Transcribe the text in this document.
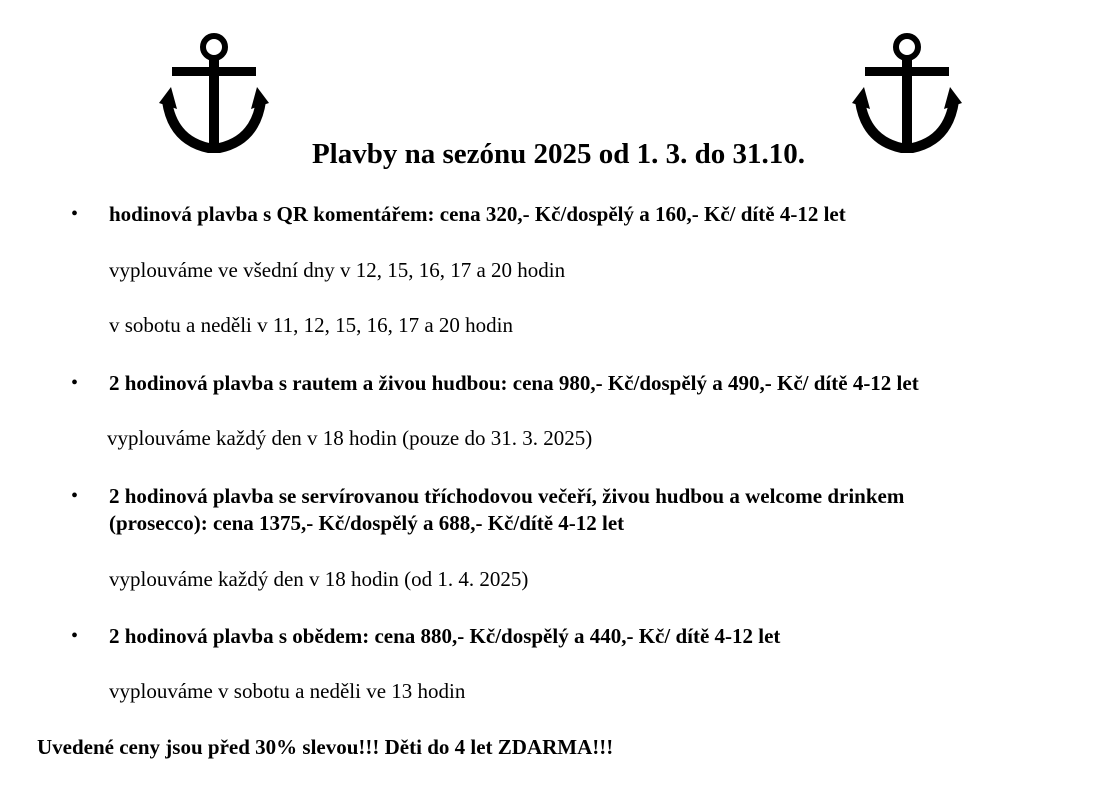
Plavby na sezónu 2025 od 1. 3. do 31.10.
• hodinová plavba s QR komentářem: cena 320,- Kč/dospělý a 160,- Kč/ dítě 4-12 let
vyplouváme ve všední dny v 12, 15, 16, 17 a 20 hodin
v sobotu a neděli v 11, 12, 15, 16, 17 a 20 hodin
• 2 hodinová plavba s rautem a živou hudbou: cena 980,- Kč/dospělý a 490,- Kč/ dítě 4-12 let
vyplouváme každý den v 18 hodin (pouze do 31. 3. 2025)
• 2 hodinová plavba se servírovanou tříchodovou večeří, živou hudbou a welcome drinkem
(prosecco): cena 1375,- Kč/dospělý a 688,- Kč/dítě 4-12 let
vyplouváme každý den v 18 hodin (od 1. 4. 2025)
• 2 hodinová plavba s obědem: cena 880,- Kč/dospělý a 440,- Kč/ dítě 4-12 let
vyplouváme v sobotu a neděli ve 13 hodin
Uvedené ceny jsou před 30% slevou!!! Děti do 4 let ZDARMA!!!
